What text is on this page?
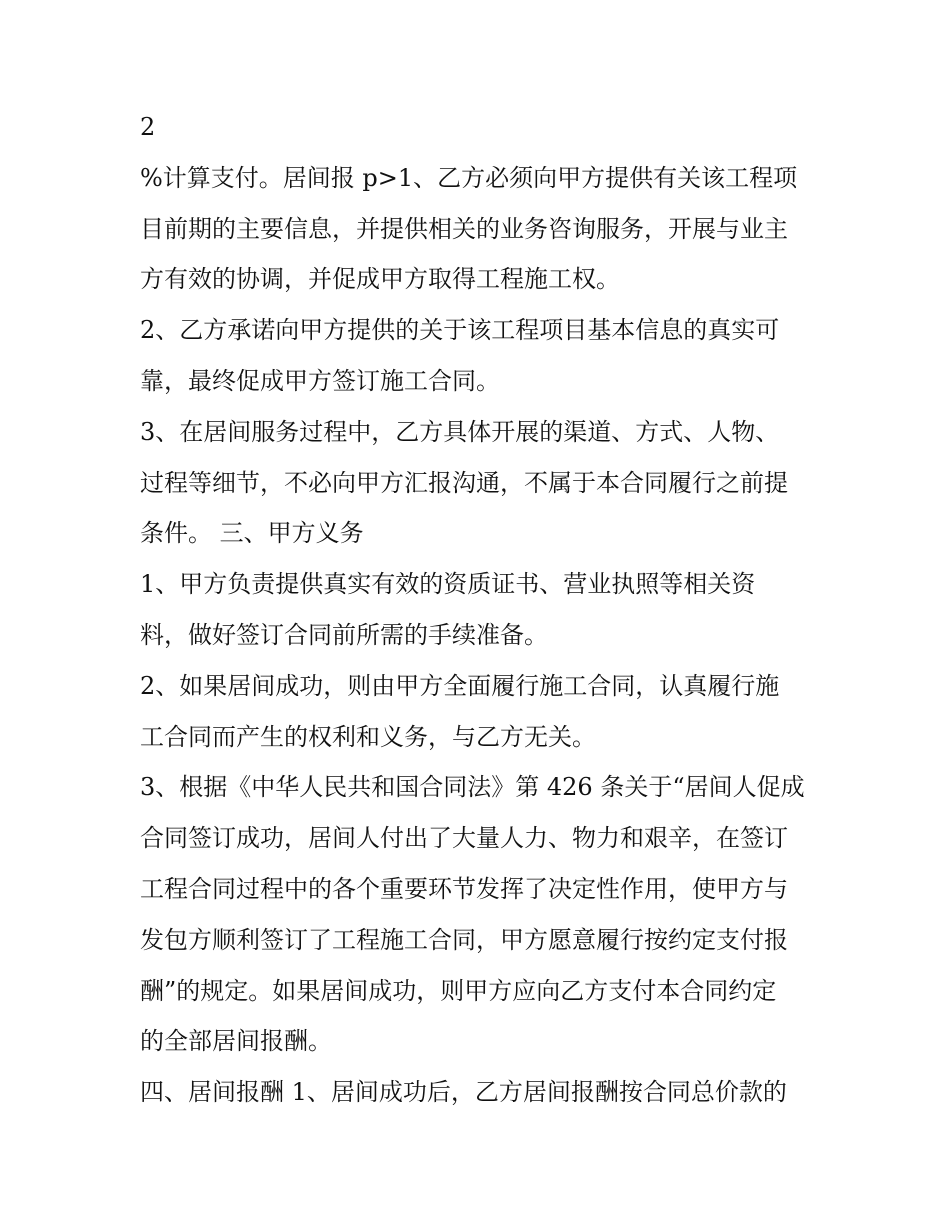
2
%计算支付。居间报 p>1、乙方必须向甲方提供有关该工程项
目前期的主要信息，并提供相关的业务咨询服务，开展与业主
方有效的协调，并促成甲方取得工程施工权。
2、乙方承诺向甲方提供的关于该工程项目基本信息的真实可
靠，最终促成甲方签订施工合同。
3、在居间服务过程中，乙方具体开展的渠道、方式、人物、
过程等细节，不必向甲方汇报沟通，不属于本合同履行之前提
条件。 三、甲方义务
1、甲方负责提供真实有效的资质证书、营业执照等相关资
料，做好签订合同前所需的手续准备。
2、如果居间成功，则由甲方全面履行施工合同，认真履行施
工合同而产生的权利和义务，与乙方无关。
3、根据《中华人民共和国合同法》第 426 条关于“居间人促成
合同签订成功，居间人付出了大量人力、物力和艰辛，在签订
工程合同过程中的各个重要环节发挥了决定性作用，使甲方与
发包方顺利签订了工程施工合同，甲方愿意履行按约定支付报
酬”的规定。如果居间成功，则甲方应向乙方支付本合同约定
的全部居间报酬。
四、居间报酬 1、居间成功后，乙方居间报酬按合同总价款的
